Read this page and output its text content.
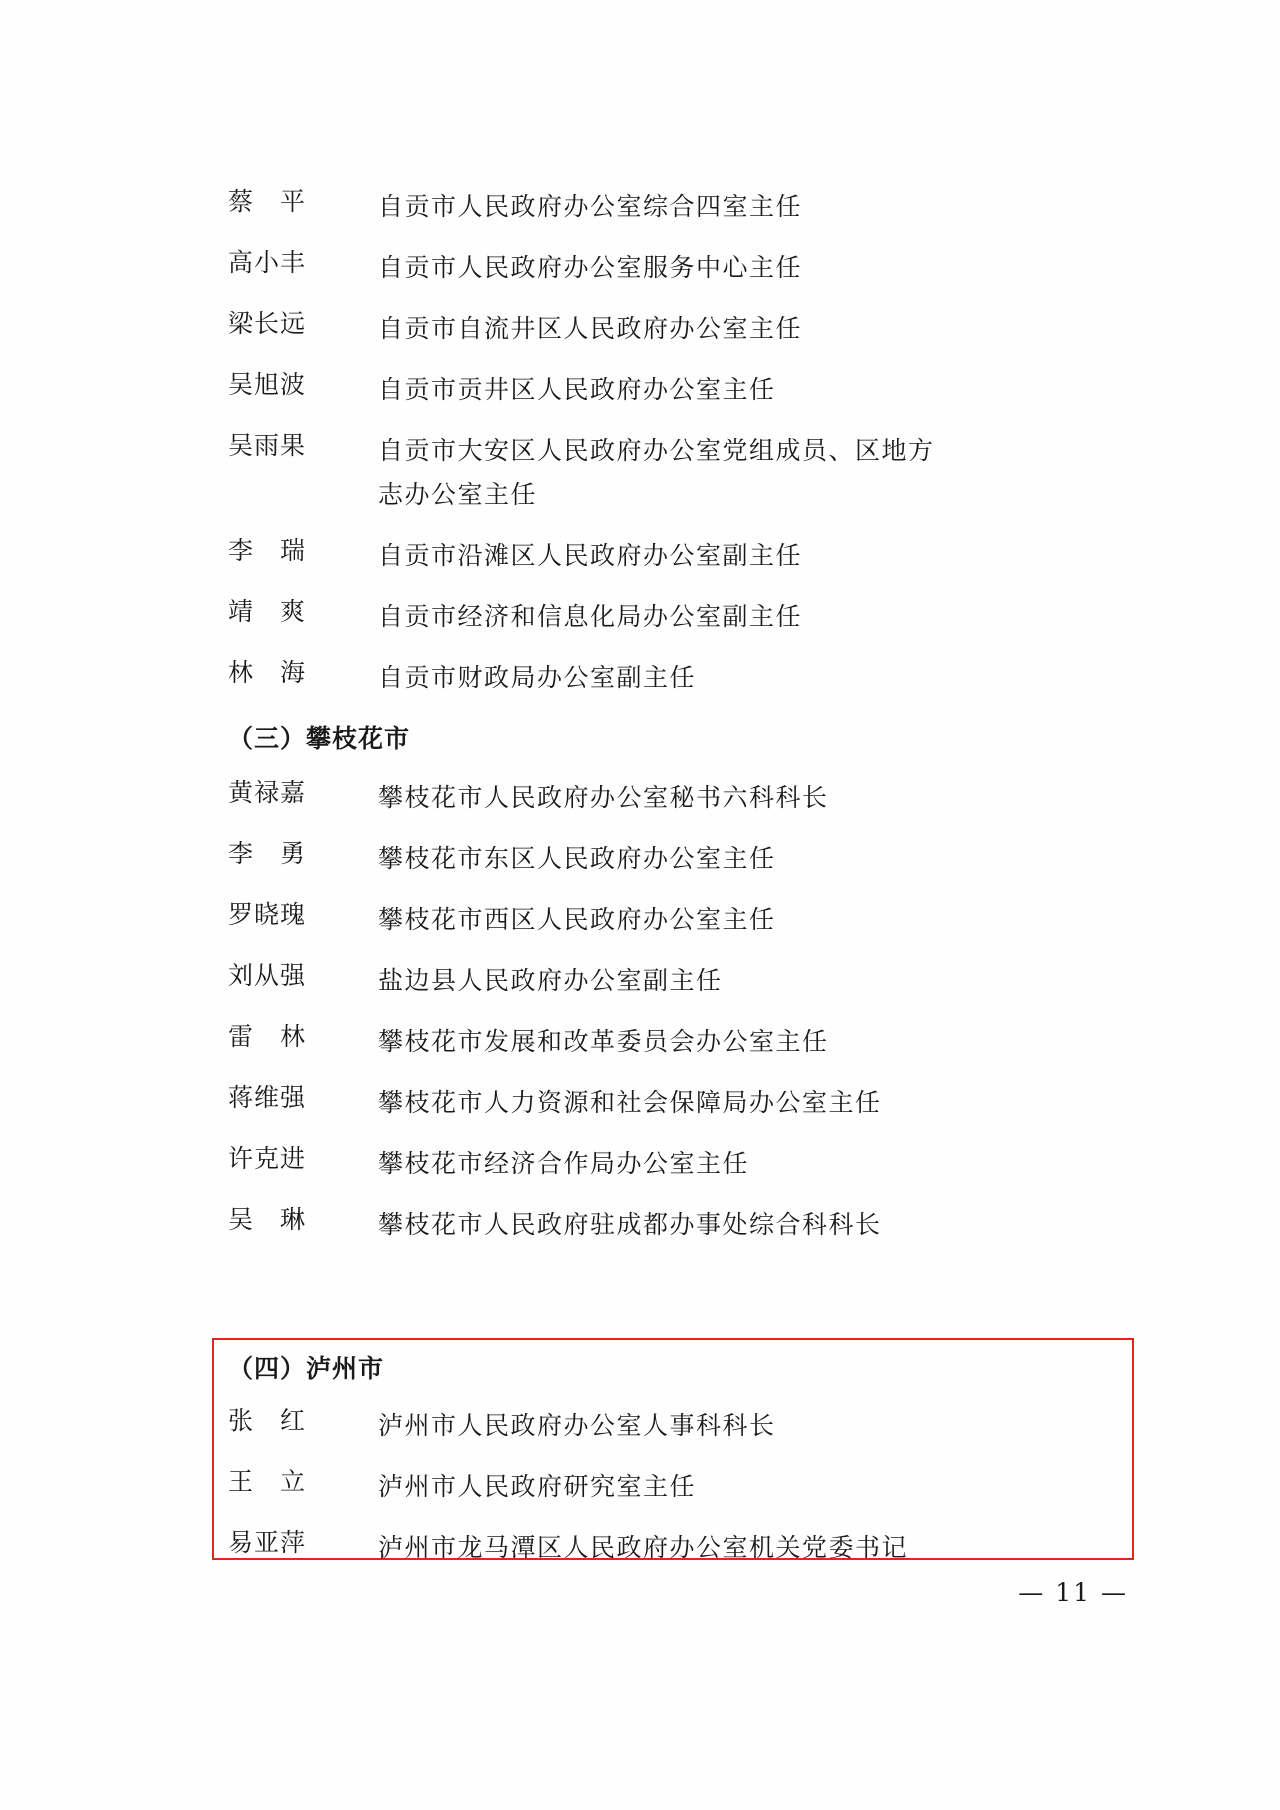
蔡　平	自贡市人民政府办公室综合四室主任
高小丰	自贡市人民政府办公室服务中心主任
梁长远	自贡市自流井区人民政府办公室主任
吴旭波	自贡市贡井区人民政府办公室主任
吴雨果	自贡市大安区人民政府办公室党组成员、区地方
志办公室主任
李　瑞	自贡市沿滩区人民政府办公室副主任
靖　爽	自贡市经济和信息化局办公室副主任
林　海	自贡市财政局办公室副主任
（三）攀枝花市
黄禄嘉	攀枝花市人民政府办公室秘书六科科长
李　勇	攀枝花市东区人民政府办公室主任
罗晓瑰	攀枝花市西区人民政府办公室主任
刘从强	盐边县人民政府办公室副主任
雷　林	攀枝花市发展和改革委员会办公室主任
蒋维强	攀枝花市人力资源和社会保障局办公室主任
许克进	攀枝花市经济合作局办公室主任
吴　琳	攀枝花市人民政府驻成都办事处综合科科长
（四）泸州市
张　红	泸州市人民政府办公室人事科科长
王　立	泸州市人民政府研究室主任
易亚萍	泸州市龙马潭区人民政府办公室机关党委书记
— 11 —
